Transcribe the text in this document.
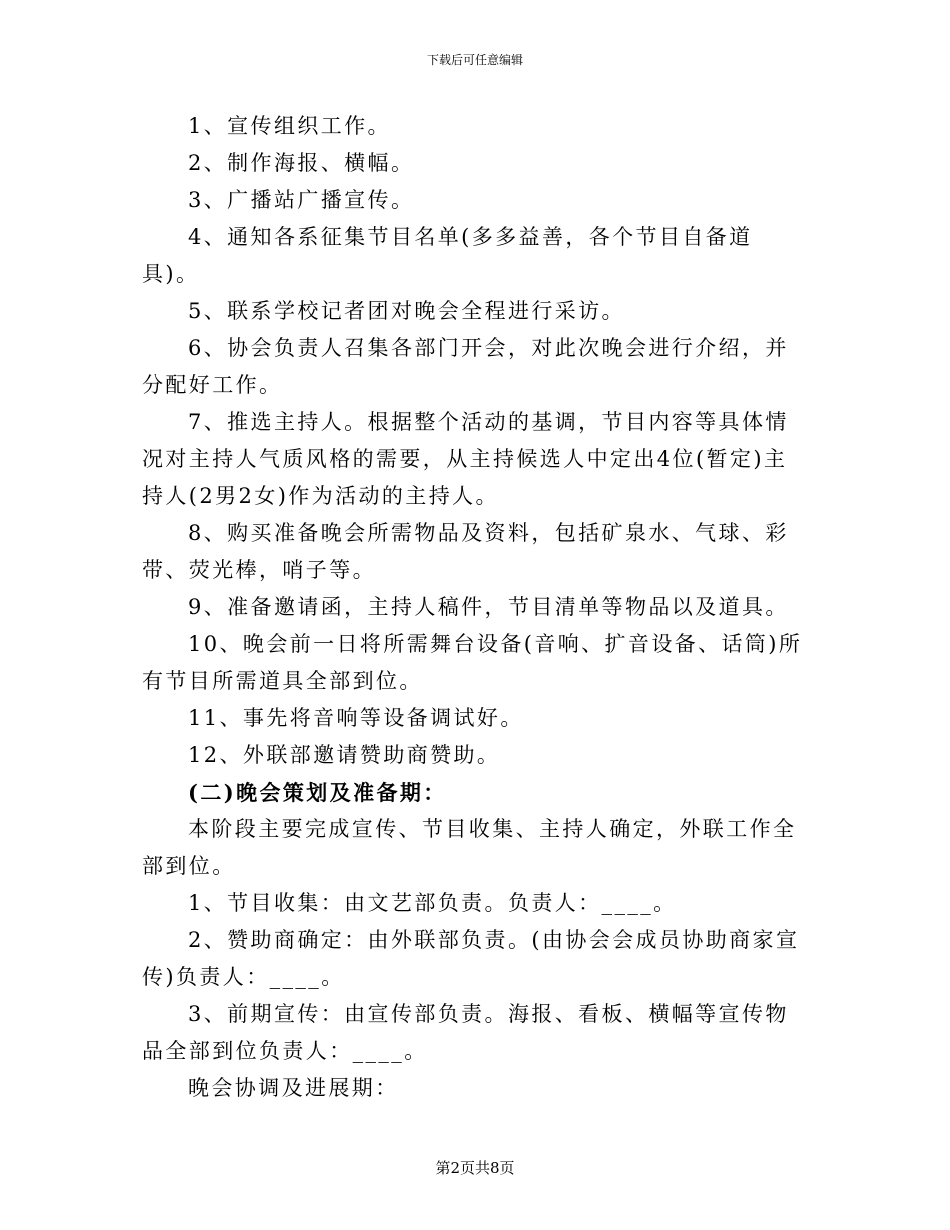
下载后可任意编辑

1、宣传组织工作。

2、制作海报、横幅。

3、广播站广播宣传。

4、通知各系征集节目名单(多多益善，各个节目自备道具)。

5、联系学校记者团对晚会全程进行采访。

6、协会负责人召集各部门开会，对此次晚会进行介绍，并分配好工作。

7、推选主持人。根据整个活动的基调，节目内容等具体情况对主持人气质风格的需要，从主持候选人中定出4位(暂定)主持人(2男2女)作为活动的主持人。

8、购买准备晚会所需物品及资料，包括矿泉水、气球、彩带、荧光棒，哨子等。

9、准备邀请函，主持人稿件，节目清单等物品以及道具。

10、晚会前一日将所需舞台设备(音响、扩音设备、话筒)所有节目所需道具全部到位。

11、事先将音响等设备调试好。

12、外联部邀请赞助商赞助。

(二)晚会策划及准备期：

本阶段主要完成宣传、节目收集、主持人确定，外联工作全部到位。

1、节目收集：由文艺部负责。负责人：____。

2、赞助商确定：由外联部负责。(由协会会成员协助商家宣传)负责人：____。

3、前期宣传：由宣传部负责。海报、看板、横幅等宣传物品全部到位负责人：____。

晚会协调及进展期：

第2页共8页
